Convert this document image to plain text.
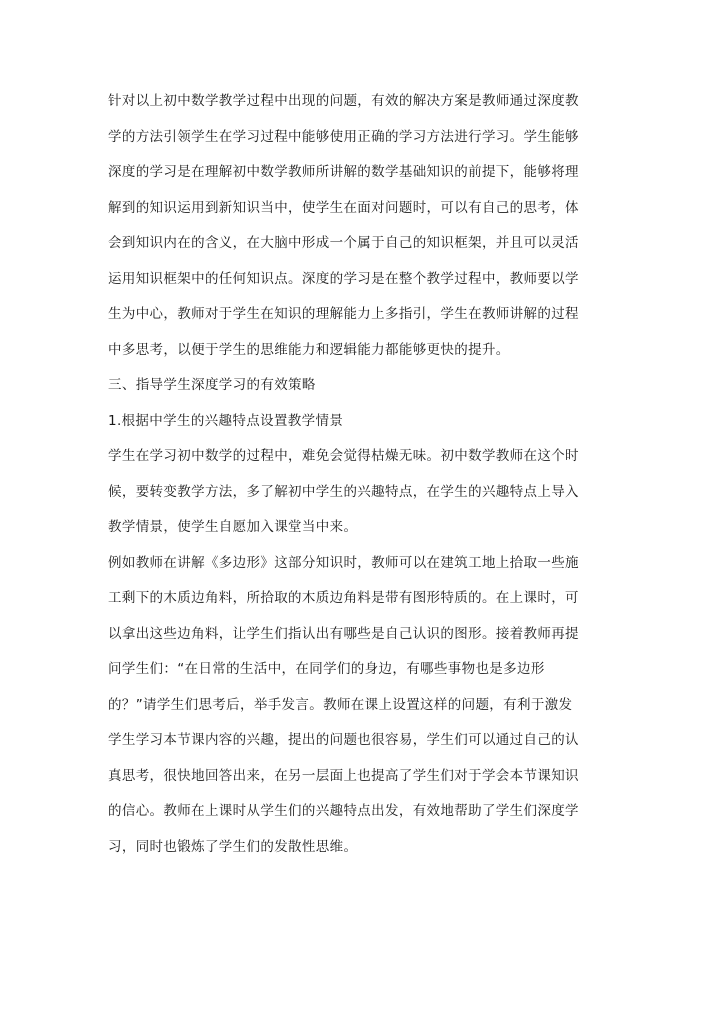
针对以上初中数学教学过程中出现的问题，有效的解决方案是教师通过深度教
学的方法引领学生在学习过程中能够使用正确的学习方法进行学习。学生能够
深度的学习是在理解初中数学教师所讲解的数学基础知识的前提下，能够将理
解到的知识运用到新知识当中，使学生在面对问题时，可以有自己的思考，体
会到知识内在的含义，在大脑中形成一个属于自己的知识框架，并且可以灵活
运用知识框架中的任何知识点。深度的学习是在整个教学过程中，教师要以学
生为中心，教师对于学生在知识的理解能力上多指引，学生在教师讲解的过程
中多思考，以便于学生的思维能力和逻辑能力都能够更快的提升。
三、指导学生深度学习的有效策略
1.根据中学生的兴趣特点设置教学情景
学生在学习初中数学的过程中，难免会觉得枯燥无味。初中数学教师在这个时
候，要转变教学方法，多了解初中学生的兴趣特点，在学生的兴趣特点上导入
教学情景，使学生自愿加入课堂当中来。
例如教师在讲解《多边形》这部分知识时，教师可以在建筑工地上拾取一些施
工剩下的木质边角料，所拾取的木质边角料是带有图形特质的。在上课时，可
以拿出这些边角料，让学生们指认出有哪些是自己认识的图形。接着教师再提
问学生们：“在日常的生活中，在同学们的身边，有哪些事物也是多边形
的？”请学生们思考后，举手发言。教师在课上设置这样的问题，有利于激发
学生学习本节课内容的兴趣，提出的问题也很容易，学生们可以通过自己的认
真思考，很快地回答出来，在另一层面上也提高了学生们对于学会本节课知识
的信心。教师在上课时从学生们的兴趣特点出发，有效地帮助了学生们深度学
习，同时也锻炼了学生们的发散性思维。
